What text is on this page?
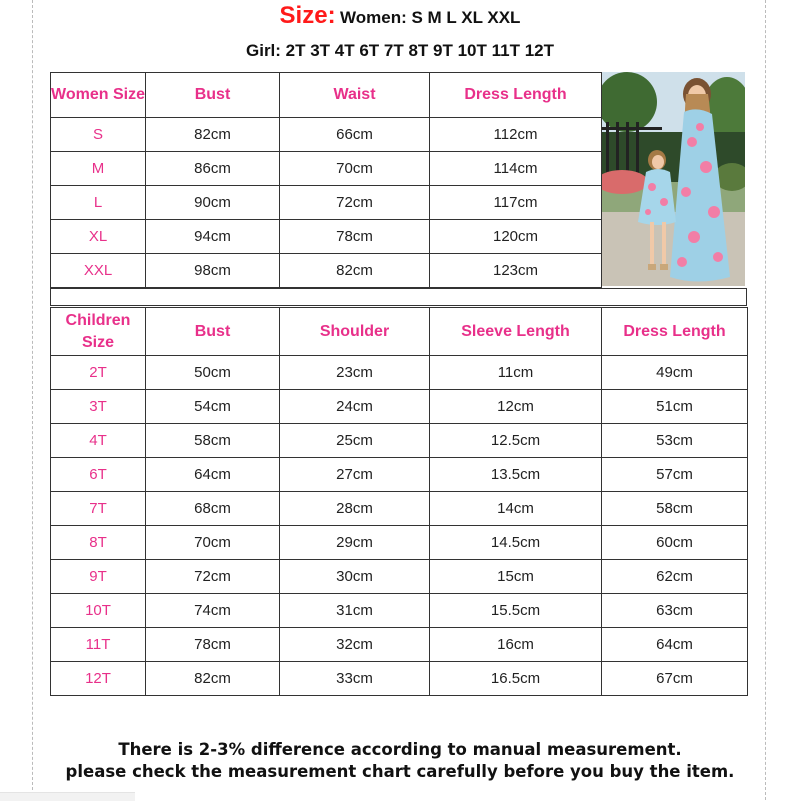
Size: Women: S M L XL XXL
Girl: 2T 3T 4T 6T 7T 8T 9T 10T 11T 12T
Women Size	Bust	Waist	Dress Length	
S	82cm	66cm	112cm	
M	86cm	70cm	114cm	
L	90cm	72cm	117cm	
XL	94cm	78cm	120cm	
XXL	98cm	82cm	123cm	
Children Size	Bust	Shoulder	Sleeve Length	Dress Length
2T	50cm	23cm	11cm	49cm
3T	54cm	24cm	12cm	51cm
4T	58cm	25cm	12.5cm	53cm
6T	64cm	27cm	13.5cm	57cm
7T	68cm	28cm	14cm	58cm
8T	70cm	29cm	14.5cm	60cm
9T	72cm	30cm	15cm	62cm
10T	74cm	31cm	15.5cm	63cm
11T	78cm	32cm	16cm	64cm
12T	82cm	33cm	16.5cm	67cm
There is 2-3% difference according to manual measurement.
please check the measurement chart carefully before you buy the item.
